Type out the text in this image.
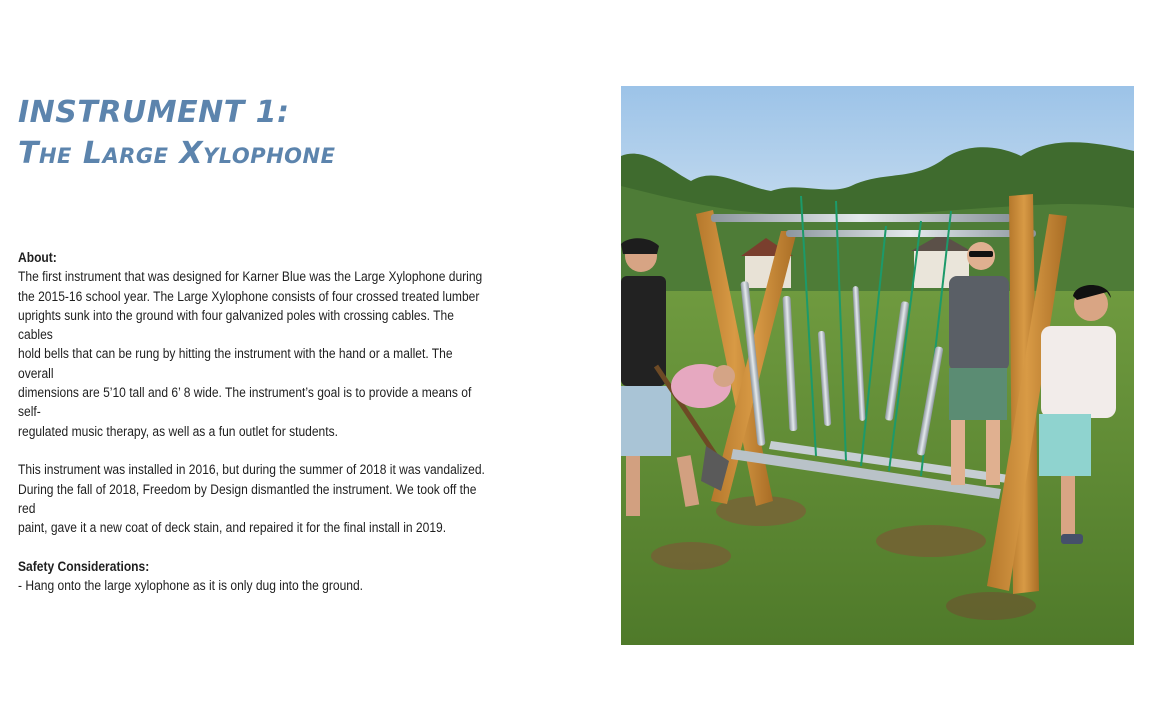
INSTRUMENT 1:
The Large Xylophone

About:

The first instrument that was designed for Karner Blue was the Large Xylophone during

the 2015-16 school year. The Large Xylophone consists of four crossed treated lumber

uprights sunk into the ground with four galvanized poles with crossing cables. The cables

hold bells that can be rung by hitting the instrument with the hand or a mallet. The overall

dimensions are 5’10 tall and 6’ 8 wide. The instrument’s goal is to provide a means of self-

regulated music therapy, as well as a fun outlet for students.

This instrument was installed in 2016, but during the summer of 2018 it was vandalized.

During the fall of 2018, Freedom by Design dismantled the instrument. We took off the red

paint, gave it a new coat of deck stain, and repaired it for the final install in 2019.

Safety Considerations:

- Hang onto the large xylophone as it is only dug into the ground.
